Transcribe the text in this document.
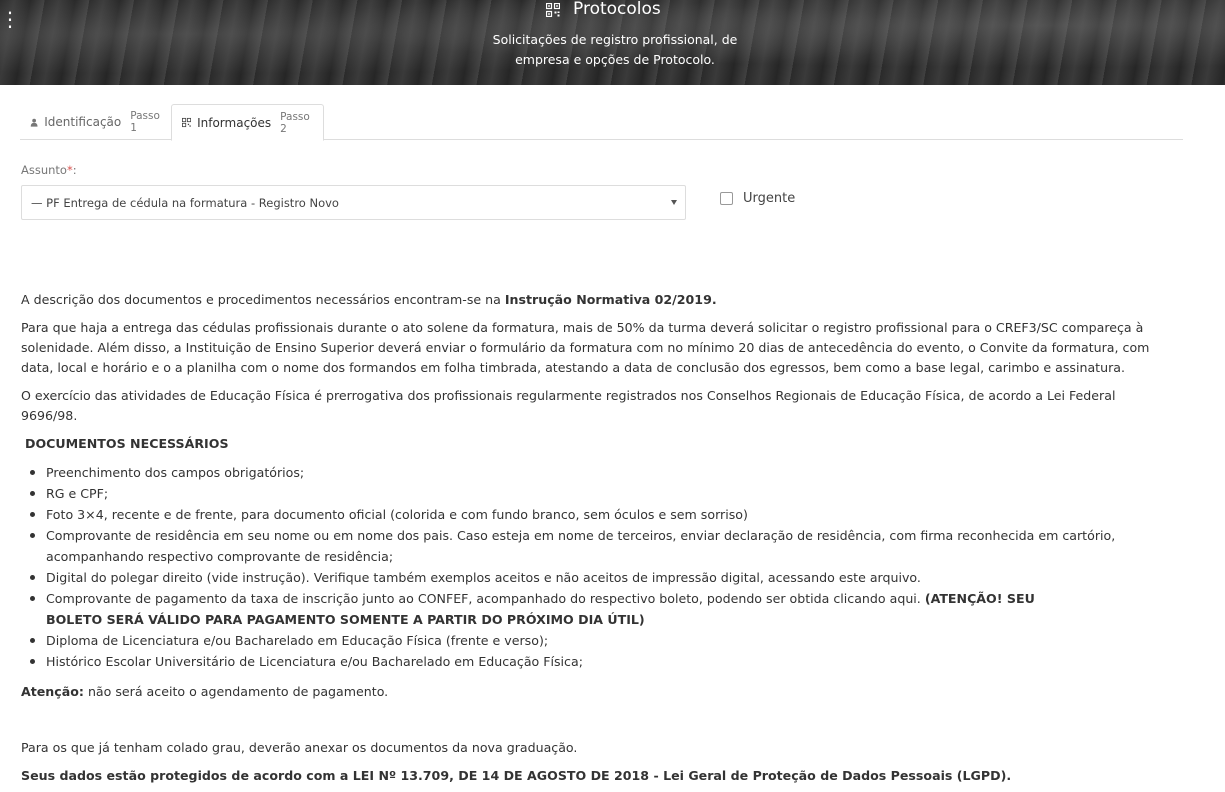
⋮	Protocolos
Solicitações de registro profissional, de
empresa e opções de Protocolo.
Identificação Passo 1	Informações Passo 2
Assunto*:
— PF Entrega de cédula na formatura - Registro Novo	Urgente

A descrição dos documentos e procedimentos necessários encontram-se na Instrução Normativa 02/2019.

Para que haja a entrega das cédulas profissionais durante o ato solene da formatura, mais de 50% da turma deverá solicitar o registro profissional para o CREF3/SC compareça à solenidade. Além disso, a Instituição de Ensino Superior deverá enviar o formulário da formatura com no mínimo 20 dias de antecedência do evento, o Convite da formatura, com data, local e horário e o a planilha com o nome dos formandos em folha timbrada, atestando a data de conclusão dos egressos, bem como a base legal, carimbo e assinatura.

O exercício das atividades de Educação Física é prerrogativa dos profissionais regularmente registrados nos Conselhos Regionais de Educação Física, de acordo a Lei Federal 9696/98.

DOCUMENTOS NECESSÁRIOS
Preenchimento dos campos obrigatórios;
RG e CPF;
Foto 3×4, recente e de frente, para documento oficial (colorida e com fundo branco, sem óculos e sem sorriso)
Comprovante de residência em seu nome ou em nome dos pais. Caso esteja em nome de terceiros, enviar declaração de residência, com firma reconhecida em cartório, acompanhando respectivo comprovante de residência;
Digital do polegar direito (vide instrução). Verifique também exemplos aceitos e não aceitos de impressão digital, acessando este arquivo.
Comprovante de pagamento da taxa de inscrição junto ao CONFEF, acompanhado do respectivo boleto, podendo ser obtida clicando aqui. (ATENÇÃO! SEU
BOLETO SERÁ VÁLIDO PARA PAGAMENTO SOMENTE A PARTIR DO PRÓXIMO DIA ÚTIL)
Diploma de Licenciatura e/ou Bacharelado em Educação Física (frente e verso);
Histórico Escolar Universitário de Licenciatura e/ou Bacharelado em Educação Física;

Atenção: não será aceito o agendamento de pagamento.

Para os que já tenham colado grau, deverão anexar os documentos da nova graduação.

Seus dados estão protegidos de acordo com a LEI Nº 13.709, DE 14 DE AGOSTO DE 2018 - Lei Geral de Proteção de Dados Pessoais (LGPD).
